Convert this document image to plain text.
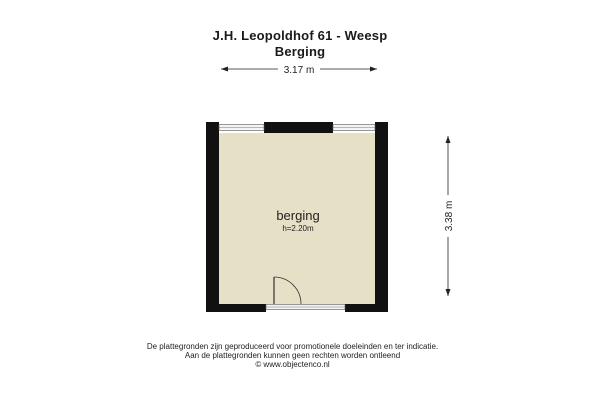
J.H. Leopoldhof 61 - Weesp
Berging
3.17 m
3.38 m
berging
h=2.20m
De plattegronden zijn geproduceerd voor promotionele doeleinden en ter indicatie.
Aan de plattegronden kunnen geen rechten worden ontleend
© www.objectenco.nl
